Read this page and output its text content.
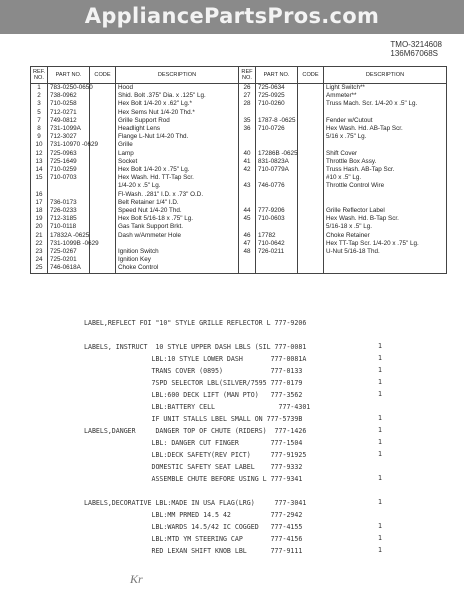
AppliancePartsPros.com
TMO-3214608
136M67068S
REF. NO.	PART NO.	CODE	DESCRIPTION	REF NO.	PART NO.	CODE	DESCRIPTION
1	783-0250-0650		Hood	26	725-0634		Light Switch**
2	738-0962		Shid. Bolt .375" Dia. x .125" Lg.	27	725-0925		Ammeter**
3	710-0258		Hex Bolt 1/4-20 x .62" Lg.*	28	710-0260		Truss Mach. Scr. 1/4-20 x .5" Lg.
5	712-0271		Hex Sems Nut 1/4-20 Thd.*				
7	749-0812		Grille Support Rod	35	1787-8 -0625		Fender w/Cutout
8	731-1099A		Headlight Lens	36	710-0726		Hex Wash. Hd. AB-Tap Scr.
9	712-3027		Flange L-Nut 1/4-20 Thd.				5/16 x .75" Lg.
10	731-10970 -0629		Grille				
12	725-0963		Lamp	40	17286B -0625		Shift Cover
13	725-1649		Socket	41	831-0823A		Throttle Box Assy.
14	710-0259		Hex Bolt 1/4-20 x .75" Lg.	42	710-0779A		Truss Hash. AB-Tap Scr.
15	710-0703		Hex Wash. Hd. TT-Tap Scr.				#10 x .5" Lg.
			1/4-20 x .5" Lg.	43	746-0776		Throttle Control Wire
16			Fl-Wash. .281" I.D. x .73" O.D.				
17	736-0173		Belt Retainer 1/4" I.D.				
18	726-0233		Speed Nut 1/4-20 Thd.	44	777-9206		Grille Reflector Label
19	712-3185		Hex Bolt 5/16-18 x .75" Lg.	45	710-0603		Hex Wash. Hd. B-Tap Scr.
20	710-0118		Gas Tank Support Brkt.				5/16-18 x .5" Lg.
21	17832A -0625		Dash w/Ammeter Hole	46	17782		Choke Retainer
22	731-1099B -0629			47	710-0642		Hex TT-Tap Scr. 1/4-20 x .75" Lg.
23	725-0267		Ignition Switch	48	726-0211		U-Nut 5/16-18 Thd.
24	725-0201		Ignition Key				
25	746-0618A		Choke Control				
LABEL,REFLECT FOI "10" STYLE GRILLE REFLECTOR L 777-9206
LABELS, INSTRUCT  10 STYLE UPPER DASH LBLS (SIL 777-0081	1
LBL:10 STYLE LOWER DASH       777-0081A	1
TRANS COVER (0895)            777-0133	1
7SPD SELECTOR LBL(SILVER/7595 777-0179	1
LBL:600 DECK LIFT (MAN PTO)   777-3562	1
LBL:BATTERY CELL                777-4301
IF UNIT STALLS LBEL SMALL ON 777-5739B	1
LABELS,DANGER     DANGER TOP OF CHUTE (RIDERS)  777-1426	1
LBL: DANGER CUT FINGER        777-1504	1
LBL:DECK SAFETY(REV PICT)     777-91925	1
DOMESTIC SAFETY SEAT LABEL    777-9332
ASSEMBLE CHUTE BEFORE USING L 777-9341	1
LABELS,DECORATIVE LBL:MADE IN USA FLAG(LRG)     777-3041	1
LBL:MM PRMED 14.5 42          777-2942
LBL:WARDS 14.5/42 IC COGGED   777-4155	1
LBL:MTD YM STEERING CAP       777-4156	1
RED LEXAN SHIFT KNOB LBL      777-9111	1
Kr
